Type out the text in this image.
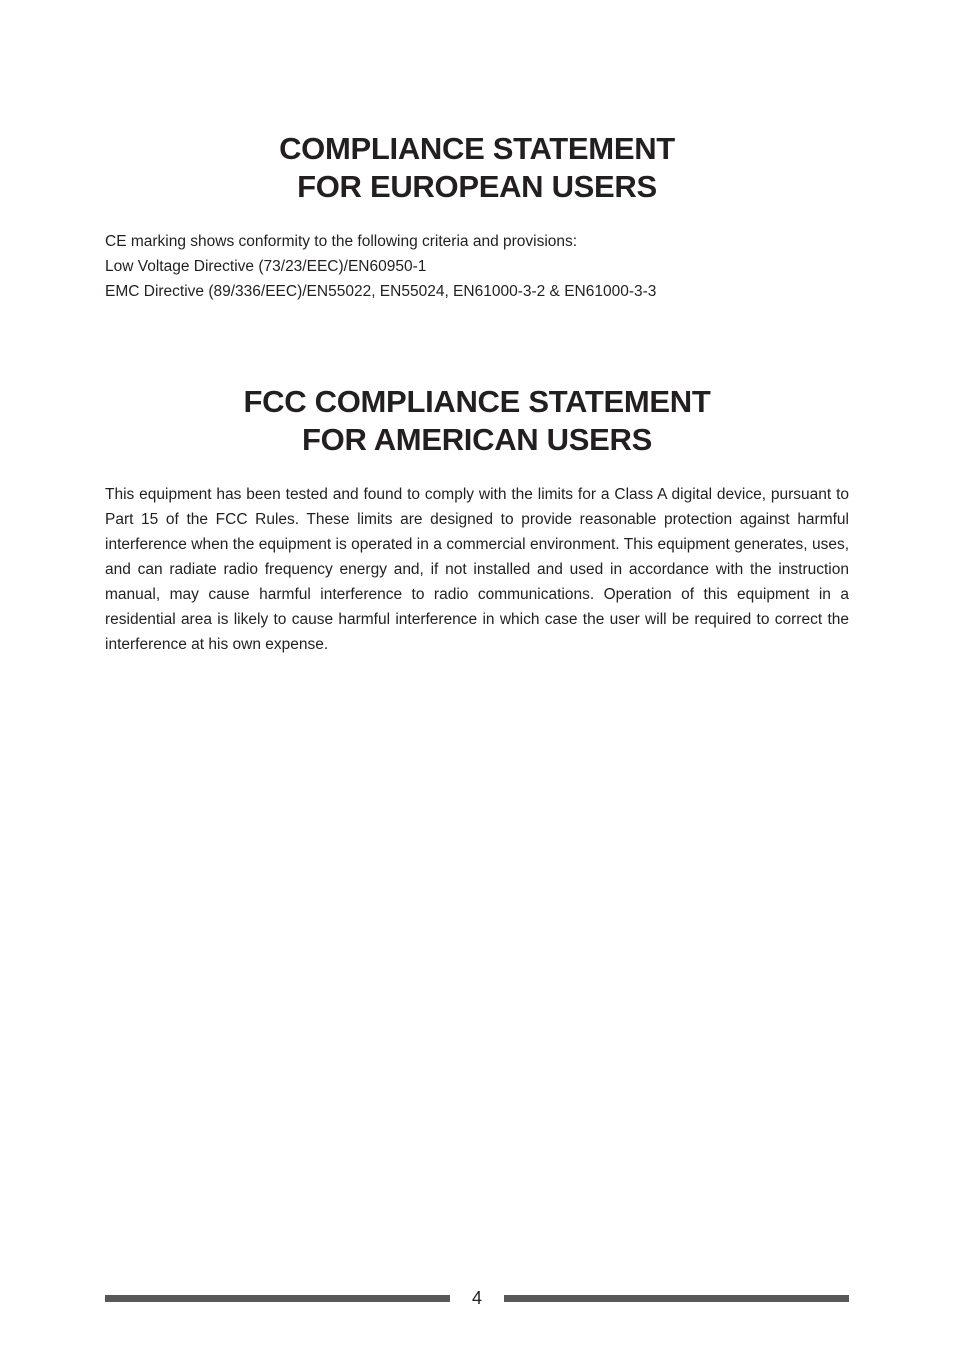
COMPLIANCE STATEMENT
FOR EUROPEAN USERS
CE marking shows conformity to the following criteria and provisions:
Low Voltage Directive (73/23/EEC)/EN60950-1
EMC Directive (89/336/EEC)/EN55022, EN55024, EN61000-3-2 & EN61000-3-3
FCC COMPLIANCE STATEMENT
FOR AMERICAN USERS

This equipment has been tested and found to comply with the limits for a Class A digital device, pursuant to Part 15 of the FCC Rules. These limits are designed to provide reasonable protection against harmful interference when the equipment is operated in a commercial environment. This equipment generates, uses, and can radiate radio frequency energy and, if not installed and used in accordance with the instruction manual, may cause harmful interference to radio communications. Operation of this equipment in a residential area is likely to cause harmful interference in which case the user will be required to correct the interference at his own expense.

4
